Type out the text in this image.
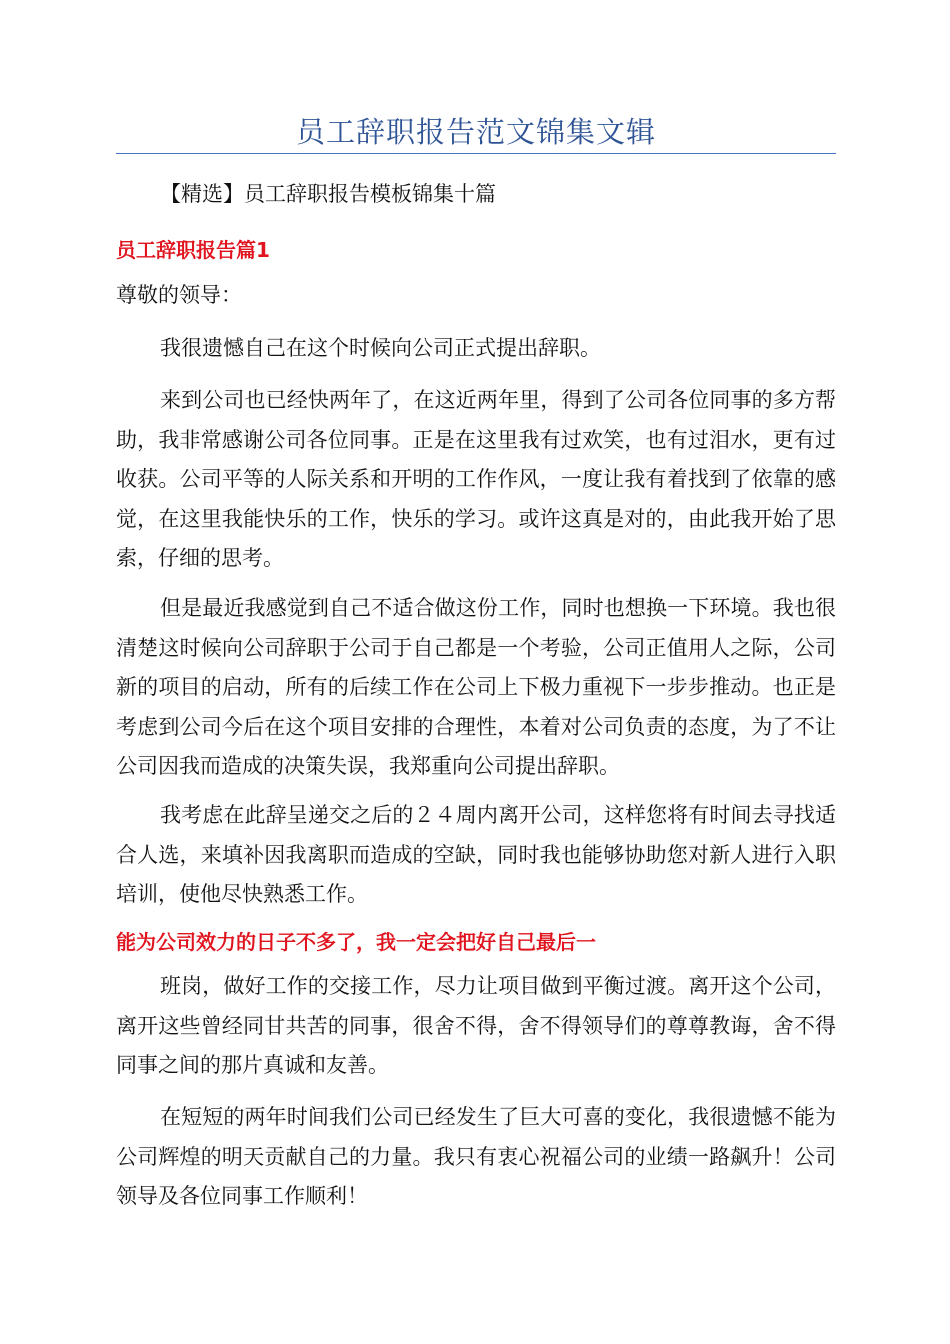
员工辞职报告范文锦集文辑

【精选】员工辞职报告模板锦集十篇

员工辞职报告篇1

尊敬的领导：

我很遗憾自己在这个时候向公司正式提出辞职。

来到公司也已经快两年了，在这近两年里，得到了公司各位同事的多方帮助，我非常感谢公司各位同事。正是在这里我有过欢笑，也有过泪水，更有过收获。公司平等的人际关系和开明的工作作风，一度让我有着找到了依靠的感觉，在这里我能快乐的工作，快乐的学习。或许这真是对的，由此我开始了思索，仔细的思考。

但是最近我感觉到自己不适合做这份工作，同时也想换一下环境。我也很清楚这时候向公司辞职于公司于自己都是一个考验，公司正值用人之际，公司新的项目的启动，所有的后续工作在公司上下极力重视下一步步推动。也正是考虑到公司今后在这个项目安排的合理性，本着对公司负责的态度，为了不让公司因我而造成的决策失误，我郑重向公司提出辞职。

我考虑在此辞呈递交之后的２４周内离开公司，这样您将有时间去寻找适合人选，来填补因我离职而造成的空缺，同时我也能够协助您对新人进行入职培训，使他尽快熟悉工作。

能为公司效力的日子不多了，我一定会把好自己最后一

班岗，做好工作的交接工作，尽力让项目做到平衡过渡。离开这个公司，离开这些曾经同甘共苦的同事，很舍不得，舍不得领导们的尊尊教诲，舍不得同事之间的那片真诚和友善。

在短短的两年时间我们公司已经发生了巨大可喜的变化，我很遗憾不能为公司辉煌的明天贡献自己的力量。我只有衷心祝福公司的业绩一路飙升！公司领导及各位同事工作顺利！
